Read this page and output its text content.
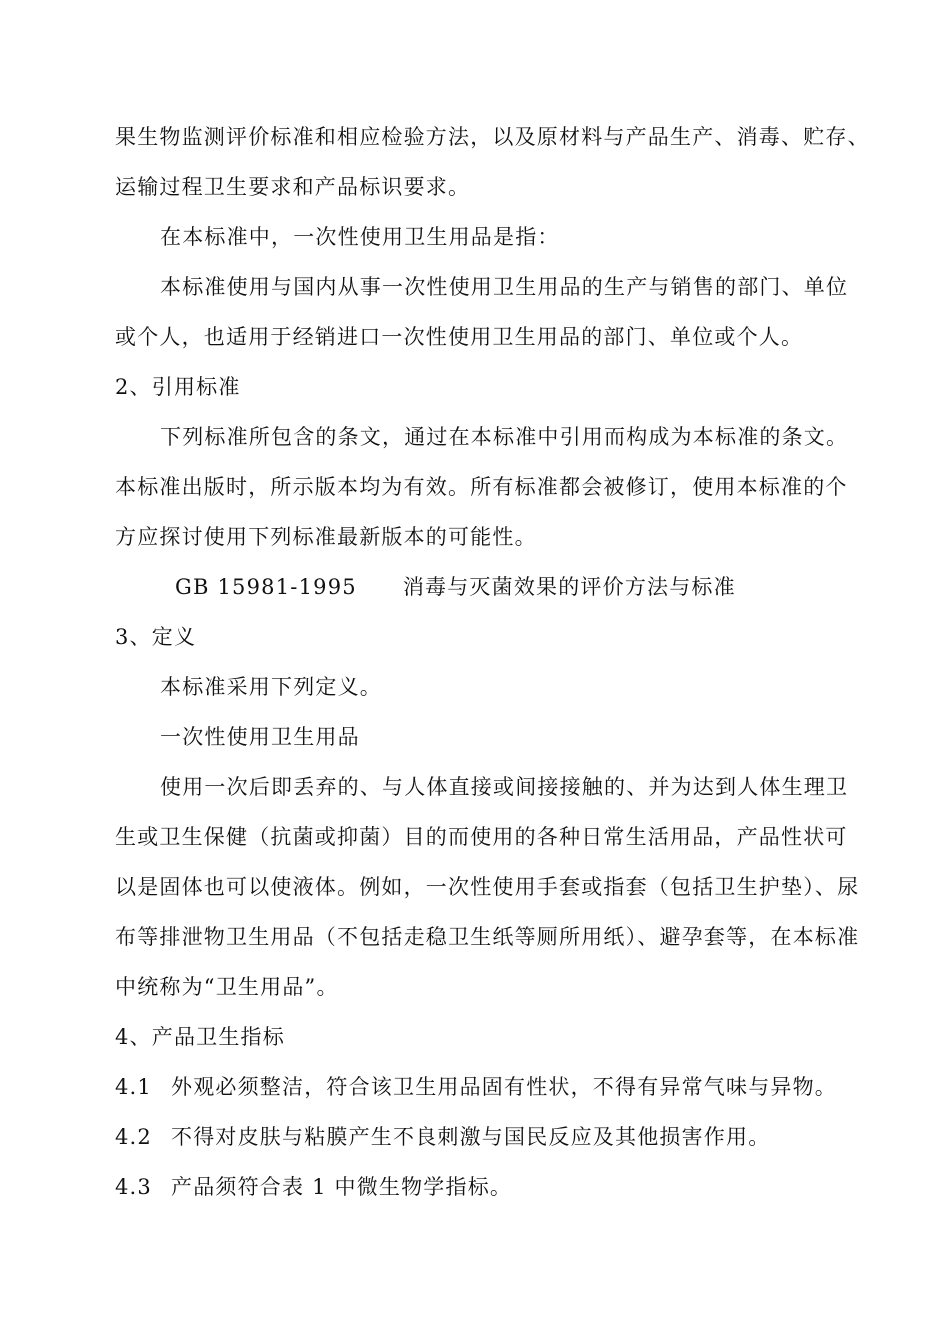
果生物监测评价标准和相应检验方法，以及原材料与产品生产、消毒、贮存、
运输过程卫生要求和产品标识要求。
在本标准中，一次性使用卫生用品是指：
本标准使用与国内从事一次性使用卫生用品的生产与销售的部门、单位
或个人，也适用于经销进口一次性使用卫生用品的部门、单位或个人。
2、引用标准
下列标准所包含的条文，通过在本标准中引用而构成为本标准的条文。
本标准出版时，所示版本均为有效。所有标准都会被修订，使用本标准的个
方应探讨使用下列标准最新版本的可能性。
GB 15981-1995 消毒与灭菌效果的评价方法与标准
3、定义
本标准采用下列定义。
一次性使用卫生用品
使用一次后即丢弃的、与人体直接或间接接触的、并为达到人体生理卫
生或卫生保健（抗菌或抑菌）目的而使用的各种日常生活用品，产品性状可
以是固体也可以使液体。例如，一次性使用手套或指套（包括卫生护垫）、尿
布等排泄物卫生用品（不包括走稳卫生纸等厕所用纸）、避孕套等，在本标准
中统称为“卫生用品”。
4、产品卫生指标
4.1 外观必须整洁，符合该卫生用品固有性状，不得有异常气味与异物。
4.2 不得对皮肤与粘膜产生不良刺激与国民反应及其他损害作用。
4.3 产品须符合表 1 中微生物学指标。
